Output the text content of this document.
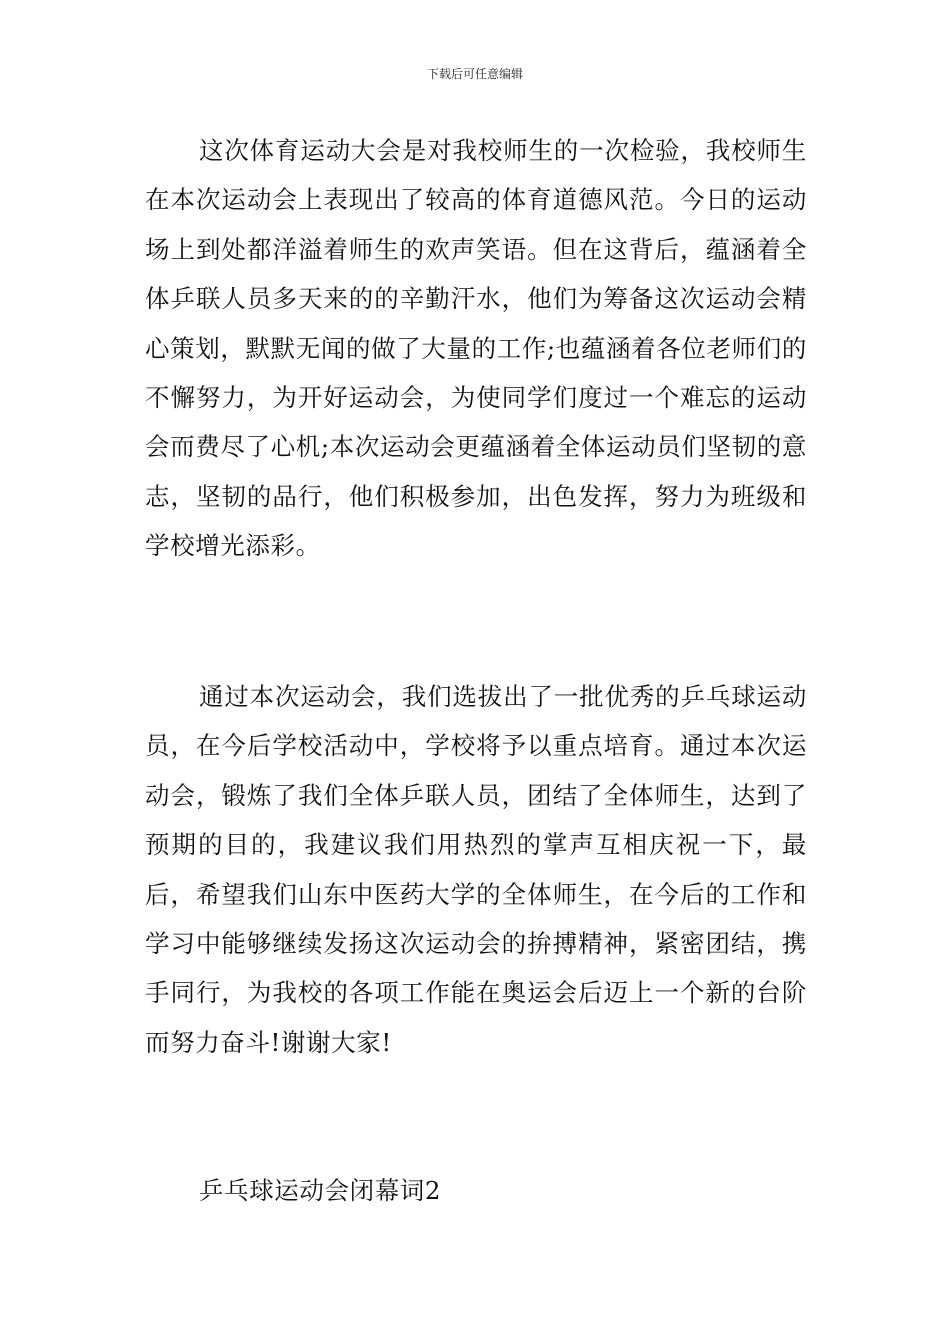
下载后可任意编辑

这次体育运动大会是对我校师生的一次检验，我校师生在本次运动会上表现出了较高的体育道德风范。今日的运动场上到处都洋溢着师生的欢声笑语。但在这背后，蕴涵着全体乒联人员多天来的的辛勤汗水，他们为筹备这次运动会精心策划，默默无闻的做了大量的工作;也蕴涵着各位老师们的不懈努力，为开好运动会，为使同学们度过一个难忘的运动会而费尽了心机;本次运动会更蕴涵着全体运动员们坚韧的意志，坚韧的品行，他们积极参加，出色发挥，努力为班级和学校增光添彩。

通过本次运动会，我们选拔出了一批优秀的乒乓球运动员，在今后学校活动中，学校将予以重点培育。通过本次运动会，锻炼了我们全体乒联人员，团结了全体师生，达到了预期的目的，我建议我们用热烈的掌声互相庆祝一下，最后，希望我们山东中医药大学的全体师生，在今后的工作和学习中能够继续发扬这次运动会的拚搏精神，紧密团结，携手同行，为我校的各项工作能在奥运会后迈上一个新的台阶而努力奋斗!谢谢大家!

乒乓球运动会闭幕词2
